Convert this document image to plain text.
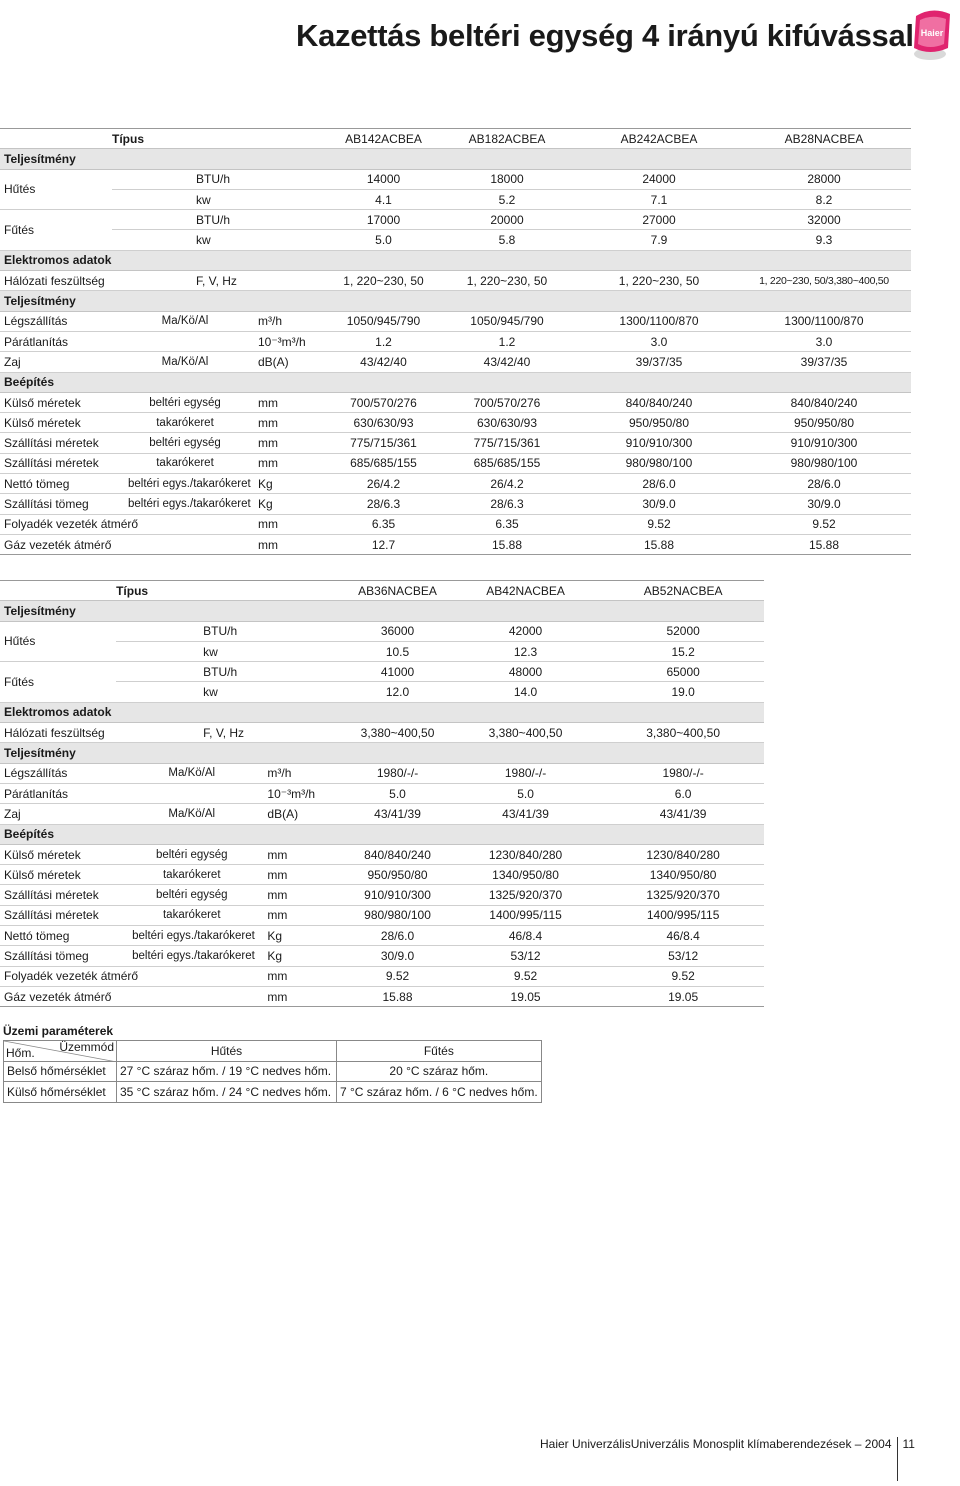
Kazettás beltéri egység 4 irányú kifúvással Haier
	Típus			AB142ACBEA	AB182ACBEA	AB242ACBEA	AB28NACBEA
Teljesítmény							
Hűtés		BTU/h		14000	18000	24000	28000
		kw		4.1	5.2	7.1	8.2
Fűtés		BTU/h		17000	20000	27000	32000
		kw		5.0	5.8	7.9	9.3
Elektromos adatok							
Hálózati feszültség		F, V, Hz		1, 220~230, 50	1, 220~230, 50	1, 220~230, 50	1, 220~230, 50/3,380~400,50
Teljesítmény							
Légszállítás	Ma/Kö/Al		m³/h	1050/945/790	1050/945/790	1300/1100/870	1300/1100/870
Párátlanítás			10⁻³m³/h	1.2	1.2	3.0	3.0
Zaj	Ma/Kö/Al		dB(A)	43/42/40	43/42/40	39/37/35	39/37/35
Beépítés							
Külső méretek	beltéri egység		mm	700/570/276	700/570/276	840/840/240	840/840/240
Külső méretek	takarókeret		mm	630/630/93	630/630/93	950/950/80	950/950/80
Szállítási méretek	beltéri egység		mm	775/715/361	775/715/361	910/910/300	910/910/300
Szállítási méretek	takarókeret		mm	685/685/155	685/685/155	980/980/100	980/980/100
Nettó tömeg	beltéri egys./takarókeret		Kg	26/4.2	26/4.2	28/6.0	28/6.0
Szállítási tömeg	beltéri egys./takarókeret		Kg	28/6.3	28/6.3	30/9.0	30/9.0
Folyadék vezeték átmérő			mm	6.35	6.35	9.52	9.52
Gáz vezeték átmérő			mm	12.7	15.88	15.88	15.88
	Típus			AB36NACBEA	AB42NACBEA	AB52NACBEA
Teljesítmény						
Hűtés		BTU/h		36000	42000	52000
		kw		10.5	12.3	15.2
Fűtés		BTU/h		41000	48000	65000
		kw		12.0	14.0	19.0
Elektromos adatok						
Hálózati feszültség		F, V, Hz		3,380~400,50	3,380~400,50	3,380~400,50
Teljesítmény						
Légszállítás	Ma/Kö/Al		m³/h	1980/-/-	1980/-/-	1980/-/-
Párátlanítás			10⁻³m³/h	5.0	5.0	6.0
Zaj	Ma/Kö/Al		dB(A)	43/41/39	43/41/39	43/41/39
Beépítés						
Külső méretek	beltéri egység		mm	840/840/240	1230/840/280	1230/840/280
Külső méretek	takarókeret		mm	950/950/80	1340/950/80	1340/950/80
Szállítási méretek	beltéri egység		mm	910/910/300	1325/920/370	1325/920/370
Szállítási méretek	takarókeret		mm	980/980/100	1400/995/115	1400/995/115
Nettó tömeg	beltéri egys./takarókeret		Kg	28/6.0	46/8.4	46/8.4
Szállítási tömeg	beltéri egys./takarókeret		Kg	30/9.0	53/12	53/12
Folyadék vezeték átmérő			mm	9.52	9.52	9.52
Gáz vezeték átmérő			mm	15.88	19.05	19.05
Üzemi paraméterek
Üzemmód
Hőm.	Hűtés	Fűtés
Belső hőmérséklet	27 °C száraz hőm. / 19 °C nedves hőm.	20 °C száraz hőm.
Külső hőmérséklet	35 °C száraz hőm. / 24 °C nedves hőm.	7 °C száraz hőm. / 6 °C nedves hőm.
Haier UniverzálisUniverzális Monosplit klímaberendezések – 2004 11
